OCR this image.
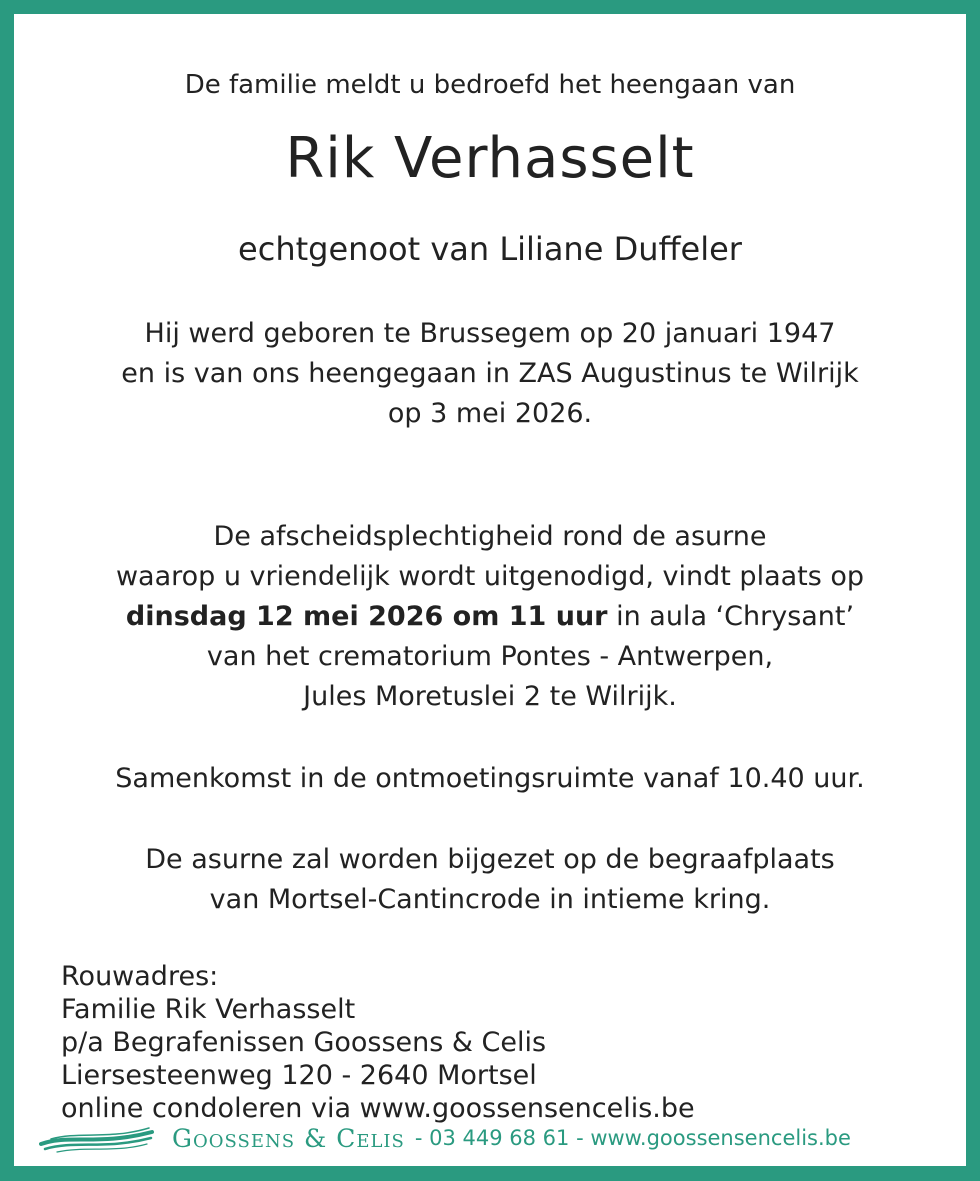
De familie meldt u bedroefd het heengaan van
Rik Verhasselt
echtgenoot van Liliane Duffeler
Hij werd geboren te Brussegem op 20 januari 1947
en is van ons heengegaan in ZAS Augustinus te Wilrijk
op 3 mei 2026.
De afscheidsplechtigheid rond de asurne
waarop u vriendelijk wordt uitgenodigd, vindt plaats op
dinsdag 12 mei 2026 om 11 uur in aula ‘Chrysant’
van het crematorium Pontes - Antwerpen,
Jules Moretuslei 2 te Wilrijk.
Samenkomst in de ontmoetingsruimte vanaf 10.40 uur.
De asurne zal worden bijgezet op de begraafplaats
van Mortsel-Cantincrode in intieme kring.
Rouwadres:
Familie Rik Verhasselt
p/a Begrafenissen Goossens & Celis
Liersesteenweg 120 - 2640 Mortsel
online condoleren via www.goossensencelis.be
Goossens & Celis - 03 449 68 61 - www.goossensencelis.be
